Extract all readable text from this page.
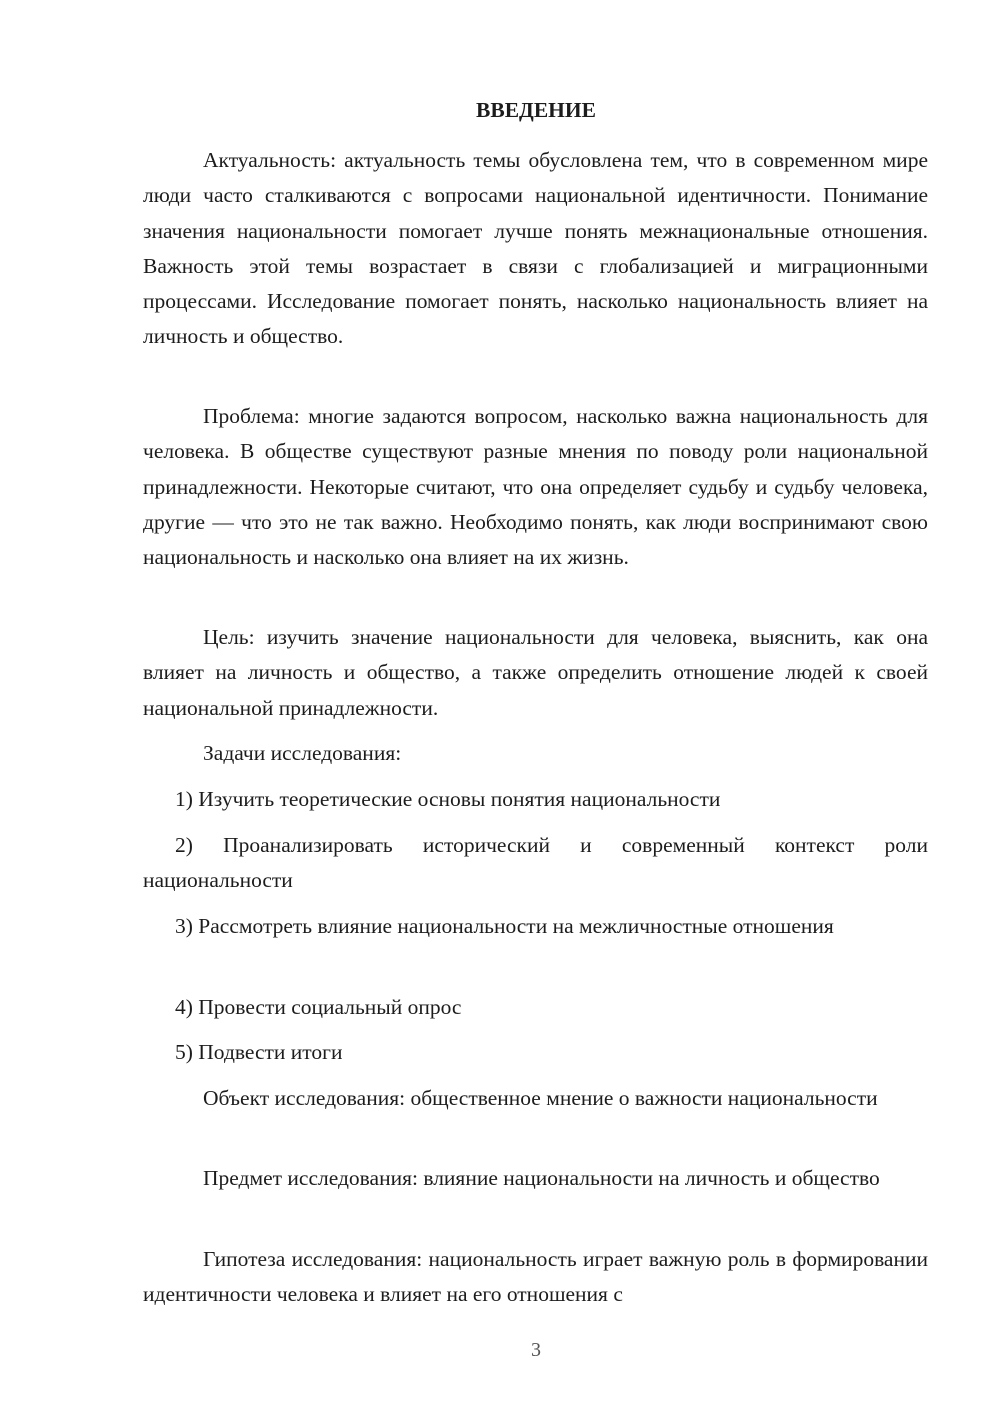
ВВЕДЕНИЕ

Актуальность: актуальность темы обусловлена тем, что в современном мире люди часто сталкиваются с вопросами национальной идентичности. Понимание значения национальности помогает лучше понять межнациональные отношения. Важность этой темы возрастает в связи с глобализацией и миграционными процессами. Исследование помогает понять, насколько национальность влияет на личность и общество.

Проблема: многие задаются вопросом, насколько важна национальность для человека. В обществе существуют разные мнения по поводу роли национальной принадлежности. Некоторые считают, что она определяет судьбу и судьбу человека, другие — что это не так важно. Необходимо понять, как люди воспринимают свою национальность и насколько она влияет на их жизнь.

Цель: изучить значение национальности для человека, выяснить, как она влияет на личность и общество, а также определить отношение людей к своей национальной принадлежности.

Задачи исследования:

1) Изучить теоретические основы понятия национальности

2) Проанализировать исторический и современный контекст роли национальности

3) Рассмотреть влияние национальности на межличностные отношения

4) Провести социальный опрос

5) Подвести итоги

Объект исследования: общественное мнение о важности национальности

Предмет исследования: влияние национальности на личность и общество

Гипотеза исследования: национальность играет важную роль в формировании идентичности человека и влияет на его отношения с

3
